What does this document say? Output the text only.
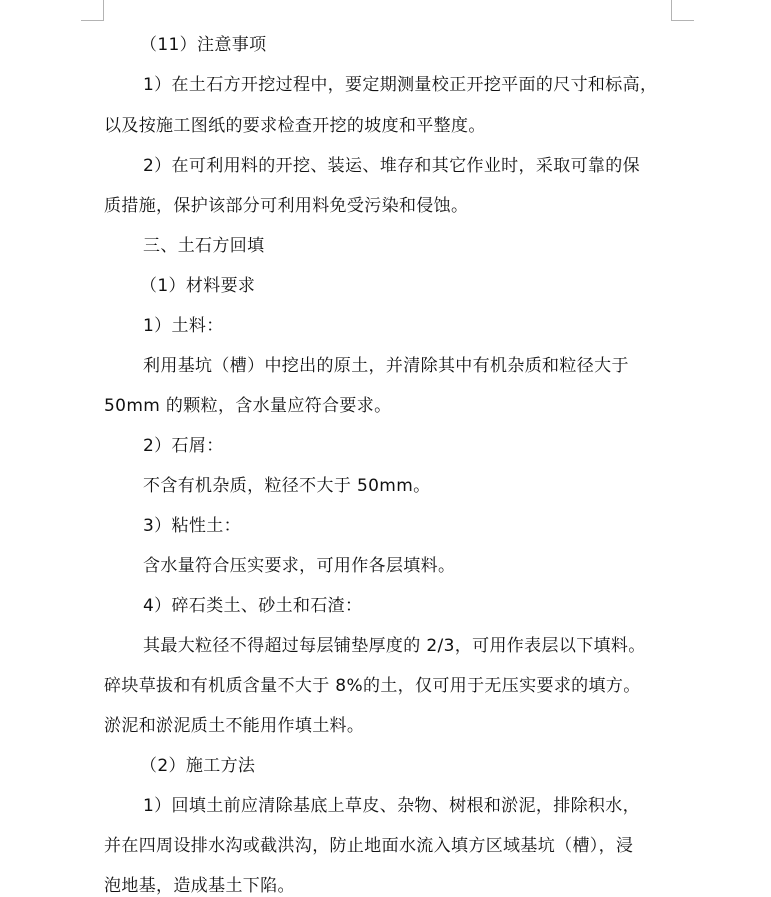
（11）注意事项
1）在土石方开挖过程中，要定期测量校正开挖平面的尺寸和标高，
以及按施工图纸的要求检查开挖的坡度和平整度。
2）在可利用料的开挖、装运、堆存和其它作业时，采取可靠的保
质措施，保护该部分可利用料免受污染和侵蚀。
三、土石方回填
（1）材料要求
1）土料：
利用基坑（槽）中挖出的原土，并清除其中有机杂质和粒径大于
50mm 的颗粒，含水量应符合要求。
2）石屑：
不含有机杂质，粒径不大于 50mm。
3）粘性土：
含水量符合压实要求，可用作各层填料。
4）碎石类土、砂土和石渣：
其最大粒径不得超过每层铺垫厚度的 2/3，可用作表层以下填料。
碎块草拔和有机质含量不大于 8%的土，仅可用于无压实要求的填方。
淤泥和淤泥质土不能用作填土料。
（2）施工方法
1）回填土前应清除基底上草皮、杂物、树根和淤泥，排除积水，
并在四周设排水沟或截洪沟，防止地面水流入填方区域基坑（槽），浸
泡地基，造成基土下陷。
